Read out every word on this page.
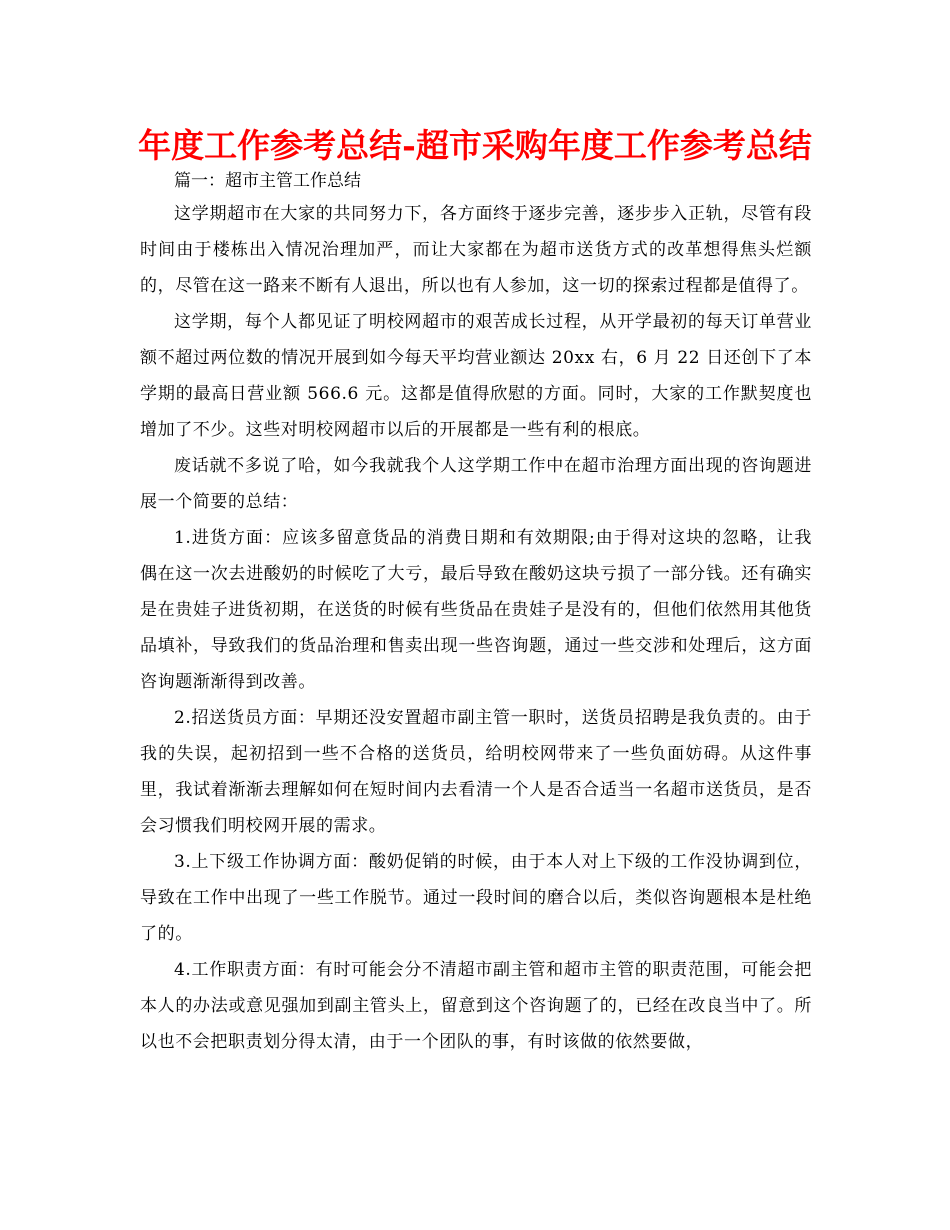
年度工作参考总结-超市采购年度工作参考总结

篇一：超市主管工作总结

这学期超市在大家的共同努力下，各方面终于逐步完善，逐步步入正轨，尽管有段时间由于楼栋出入情况治理加严，而让大家都在为超市送货方式的改革想得焦头烂额的，尽管在这一路来不断有人退出，所以也有人参加，这一切的探索过程都是值得了。

这学期，每个人都见证了明校网超市的艰苦成长过程，从开学最初的每天订单营业额不超过两位数的情况开展到如今每天平均营业额达 20xx 右，6 月 22 日还创下了本学期的最高日营业额 566.6 元。这都是值得欣慰的方面。同时，大家的工作默契度也增加了不少。这些对明校网超市以后的开展都是一些有利的根底。

废话就不多说了哈，如今我就我个人这学期工作中在超市治理方面出现的咨询题进展一个简要的总结：

1.进货方面：应该多留意货品的消费日期和有效期限;由于得对这块的忽略，让我偶在这一次去进酸奶的时候吃了大亏，最后导致在酸奶这块亏损了一部分钱。还有确实是在贵娃子进货初期，在送货的时候有些货品在贵娃子是没有的，但他们依然用其他货品填补，导致我们的货品治理和售卖出现一些咨询题，通过一些交涉和处理后，这方面咨询题渐渐得到改善。

2.招送货员方面：早期还没安置超市副主管一职时，送货员招聘是我负责的。由于我的失误，起初招到一些不合格的送货员，给明校网带来了一些负面妨碍。从这件事里，我试着渐渐去理解如何在短时间内去看清一个人是否合适当一名超市送货员，是否会习惯我们明校网开展的需求。

3.上下级工作协调方面：酸奶促销的时候，由于本人对上下级的工作没协调到位，导致在工作中出现了一些工作脱节。通过一段时间的磨合以后，类似咨询题根本是杜绝了的。

4.工作职责方面：有时可能会分不清超市副主管和超市主管的职责范围，可能会把本人的办法或意见强加到副主管头上，留意到这个咨询题了的，已经在改良当中了。所以也不会把职责划分得太清，由于一个团队的事，有时该做的依然要做，
